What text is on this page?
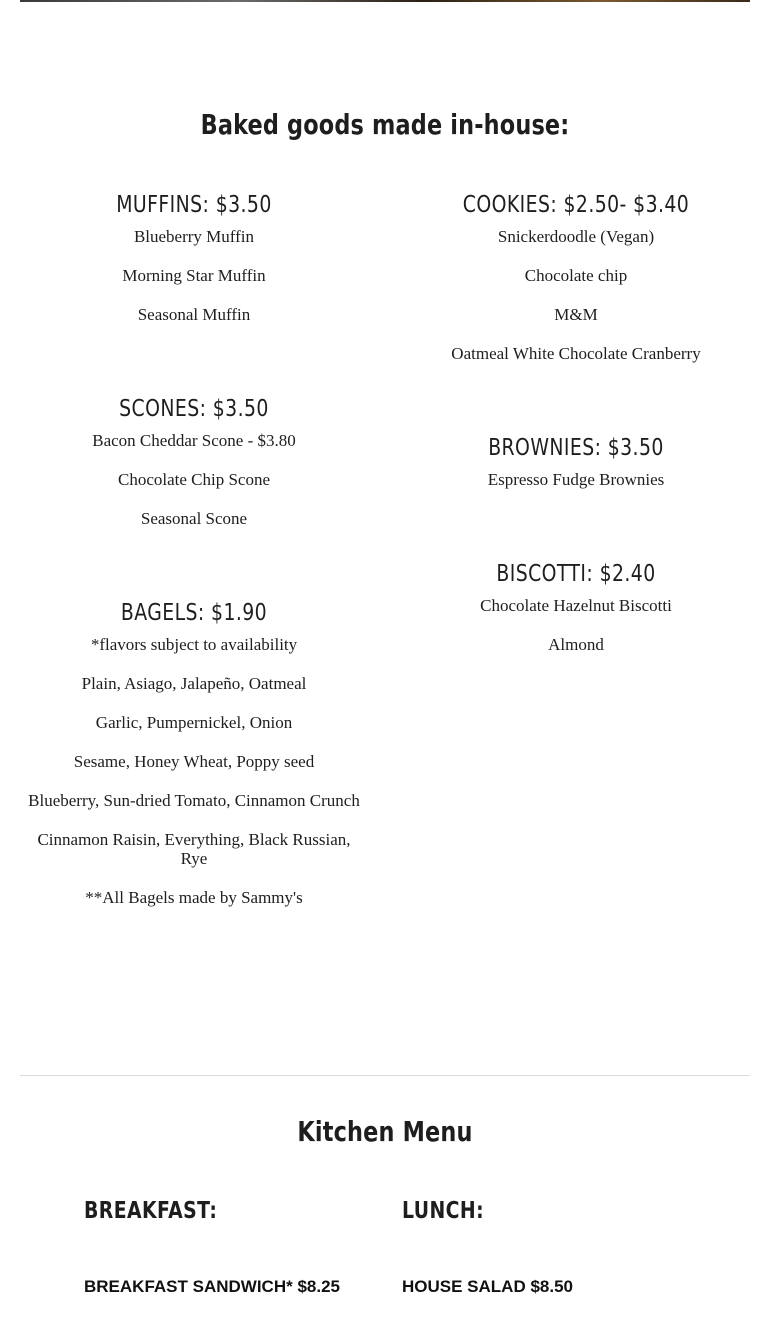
Baked goods made in-house:
MUFFINS: $3.50

Blueberry Muffin

Morning Star Muffin

Seasonal Muffin

SCONES: $3.50

Bacon Cheddar Scone - $3.80

Chocolate Chip Scone

Seasonal Scone

BAGELS: $1.90

*flavors subject to availability

Plain, Asiago, Jalapeño, Oatmeal

Garlic, Pumpernickel, Onion

Sesame, Honey Wheat, Poppy seed

Blueberry, Sun-dried Tomato, Cinnamon Crunch

Cinnamon Raisin, Everything, Black Russian, Rye

**All Bagels made by Sammy's

COOKIES: $2.50- $3.40

Snickerdoodle (Vegan)

Chocolate chip

M&M

Oatmeal White Chocolate Cranberry

BROWNIES: $3.50

Espresso Fudge Brownies

BISCOTTI: $2.40

Chocolate Hazelnut Biscotti

Almond

Kitchen Menu
BREAKFAST:	LUNCH:

BREAKFAST SANDWICH* $8.25	HOUSE SALAD $8.50
